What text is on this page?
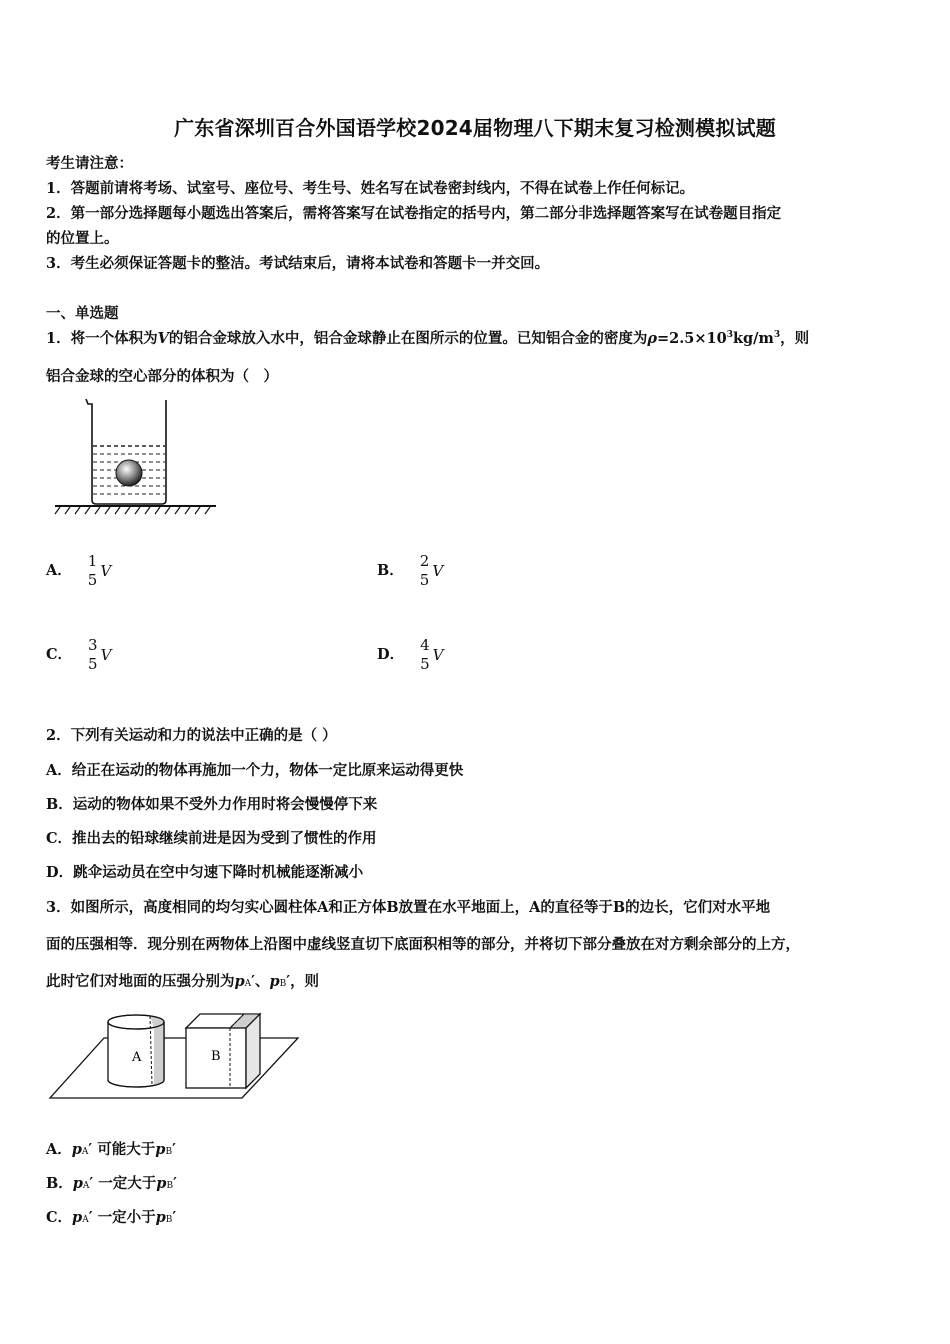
广东省深圳百合外国语学校2024届物理八下期末复习检测模拟试题
考生请注意：
1．答题前请将考场、试室号、座位号、考生号、姓名写在试卷密封线内，不得在试卷上作任何标记。
2．第一部分选择题每小题选出答案后，需将答案写在试卷指定的括号内，第二部分非选择题答案写在试卷题目指定
的位置上。
3．考生必须保证答题卡的整洁。考试结束后，请将本试卷和答题卡一并交回。
一、单选题
1．将一个体积为V的铝合金球放入水中，铝合金球静止在图所示的位置。已知铝合金的密度为$\rho=2.5\times 10^3kg/m^3$，则
铝合金球的空心部分的体积为（　）
A．
1
5 V	B．
2
5 V
C．
3
5 V	D．
4
5 V
2．下列有关运动和力的说法中正确的是（ ）
A．给正在运动的物体再施加一个力，物体一定比原来运动得更快
B．运动的物体如果不受外力作用时将会慢慢停下来
C．推出去的铅球继续前进是因为受到了惯性的作用
D．跳伞运动员在空中匀速下降时机械能逐渐减小
3．如图所示，高度相同的均匀实心圆柱体A和正方体B放置在水平地面上，A的直径等于B的边长，它们对水平地
面的压强相等．现分别在两物体上沿图中虚线竖直切下底面积相等的部分，并将切下部分叠放在对方剩余部分的上方，
此时它们对地面的压强分别为pA′、pB′，则
A	B
A．pA′ 可能大于pB′
B．pA′ 一定大于pB′
C．pA′ 一定小于pB′
